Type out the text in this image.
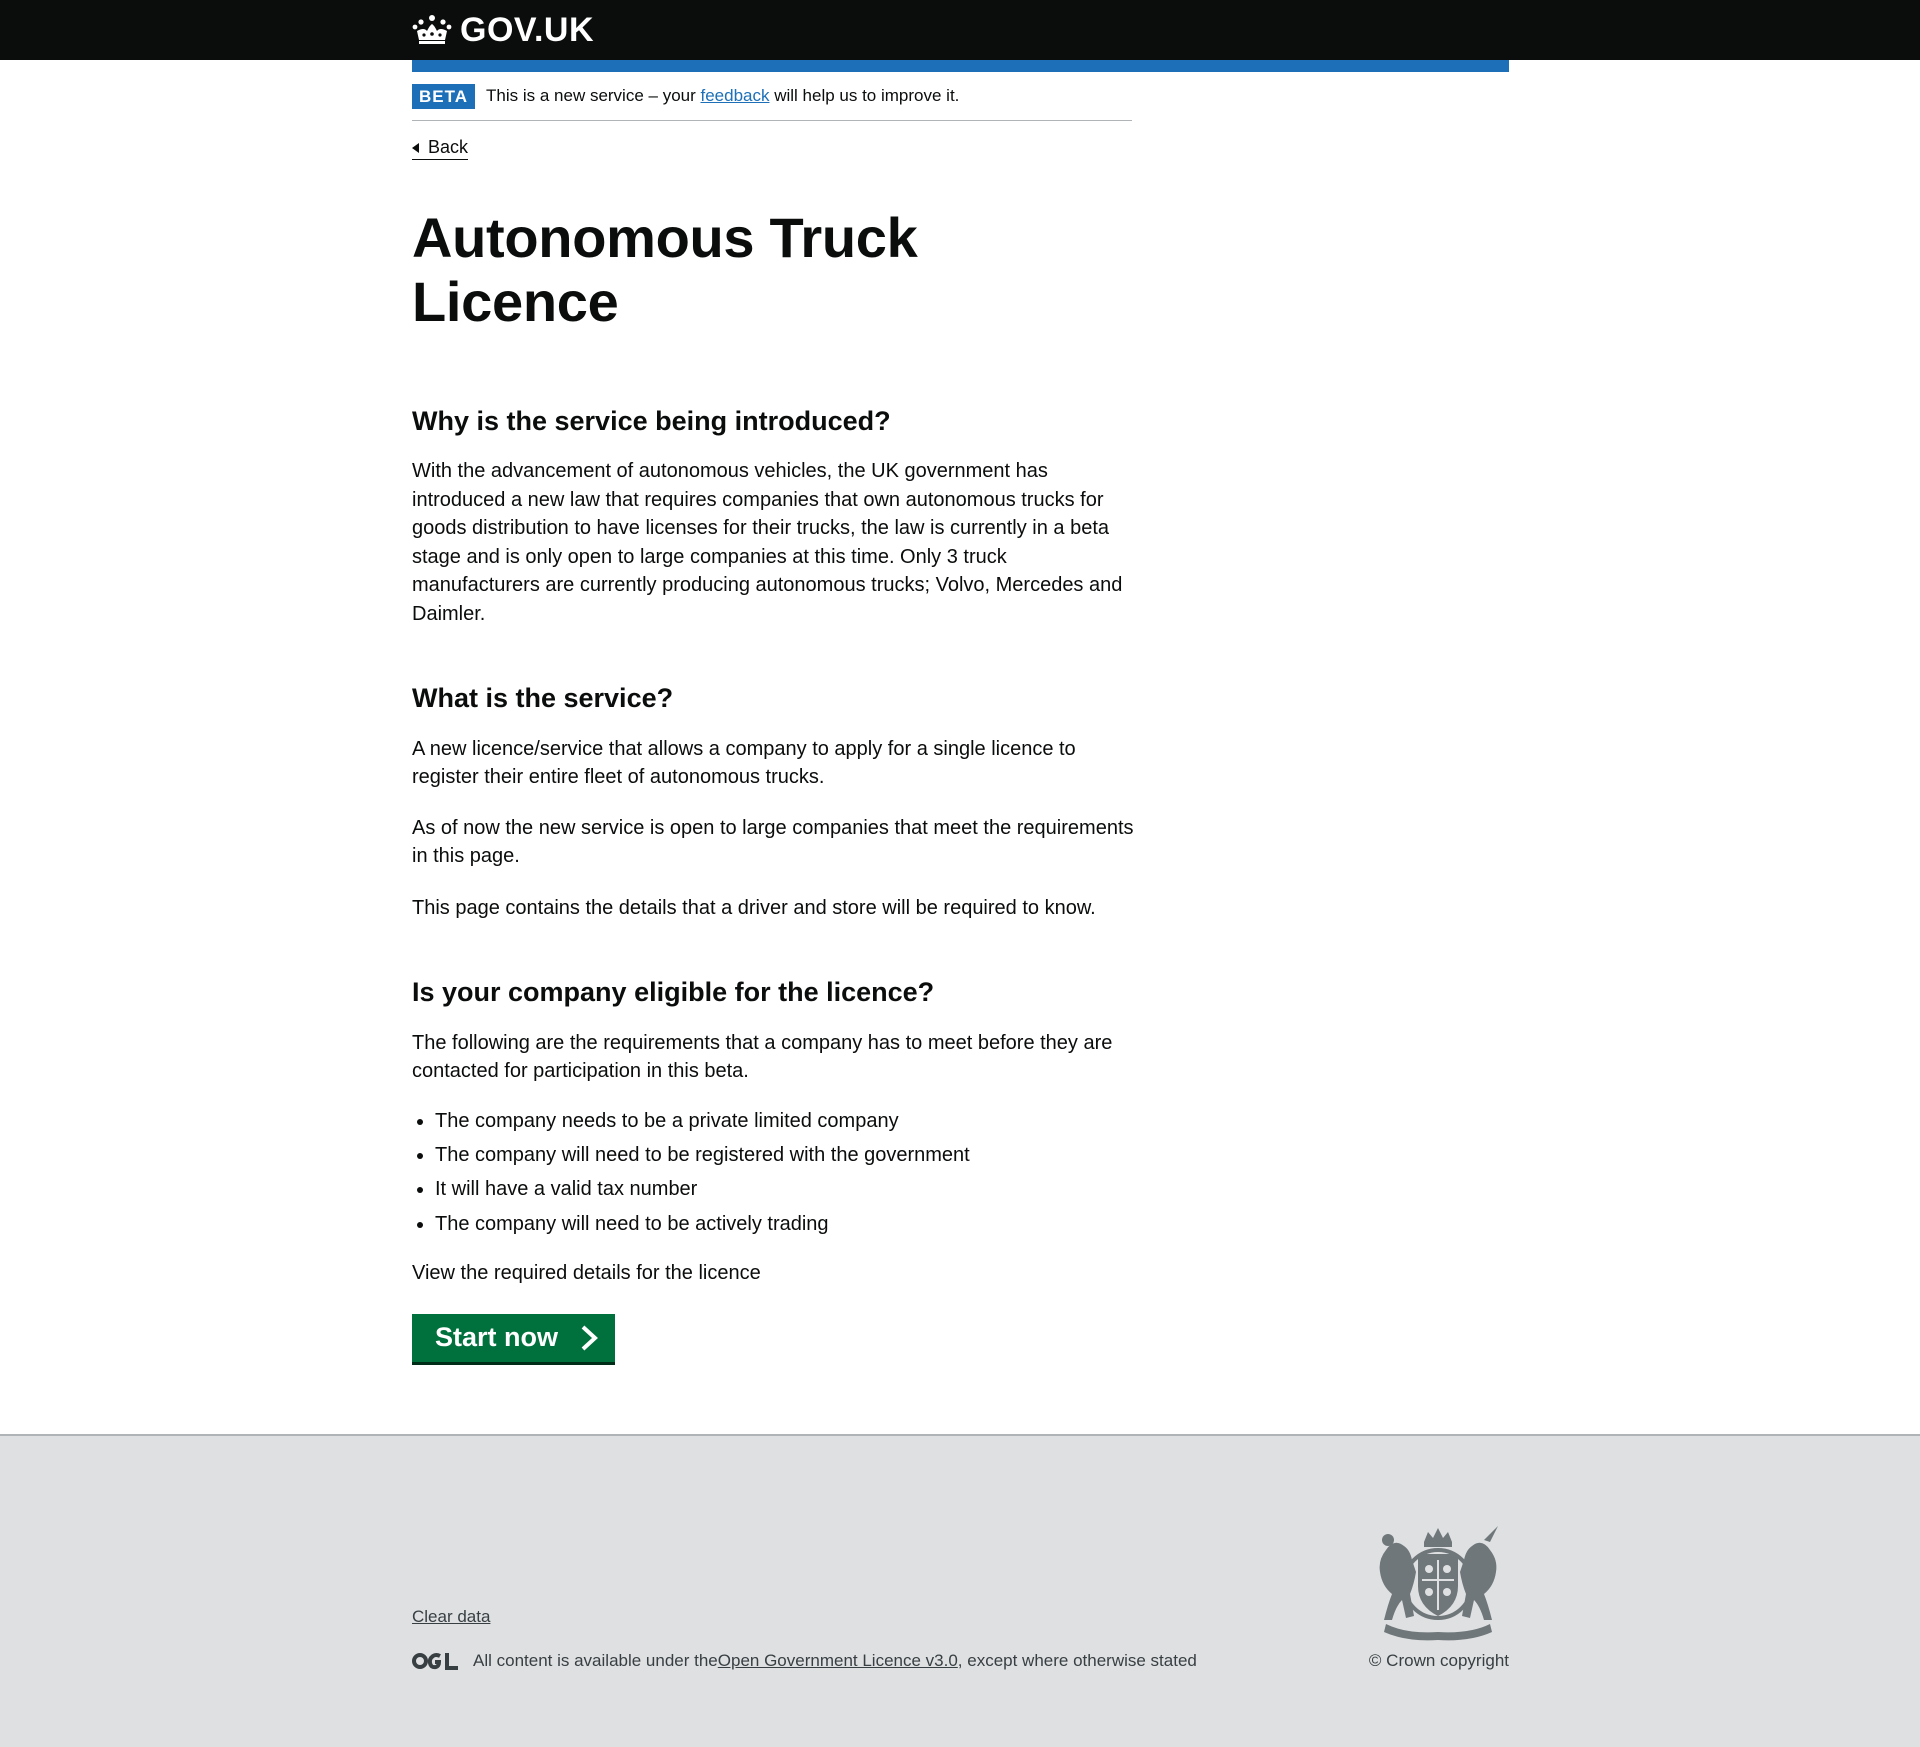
GOV.UK
BETA	This is a new service – your feedback will help us to improve it.
Back
Autonomous Truck Licence
Why is the service being introduced?

With the advancement of autonomous vehicles, the UK government has introduced a new law that requires companies that own autonomous trucks for goods distribution to have licenses for their trucks, the law is currently in a beta stage and is only open to large companies at this time. Only 3 truck manufacturers are currently producing autonomous trucks; Volvo, Mercedes and Daimler.

What is the service?

A new licence/service that allows a company to apply for a single licence to register their entire fleet of autonomous trucks.

As of now the new service is open to large companies that meet the requirements in this page.

This page contains the details that a driver and store will be required to know.

Is your company eligible for the licence?

The following are the requirements that a company has to meet before they are contacted for participation in this beta.

• The company needs to be a private limited company
• The company will need to be registered with the government
• It will have a valid tax number
• The company will need to be actively trading

View the required details for the licence

Start now
Clear data
All content is available under the Open Government Licence v3.0 , except where otherwise stated	© Crown copyright
